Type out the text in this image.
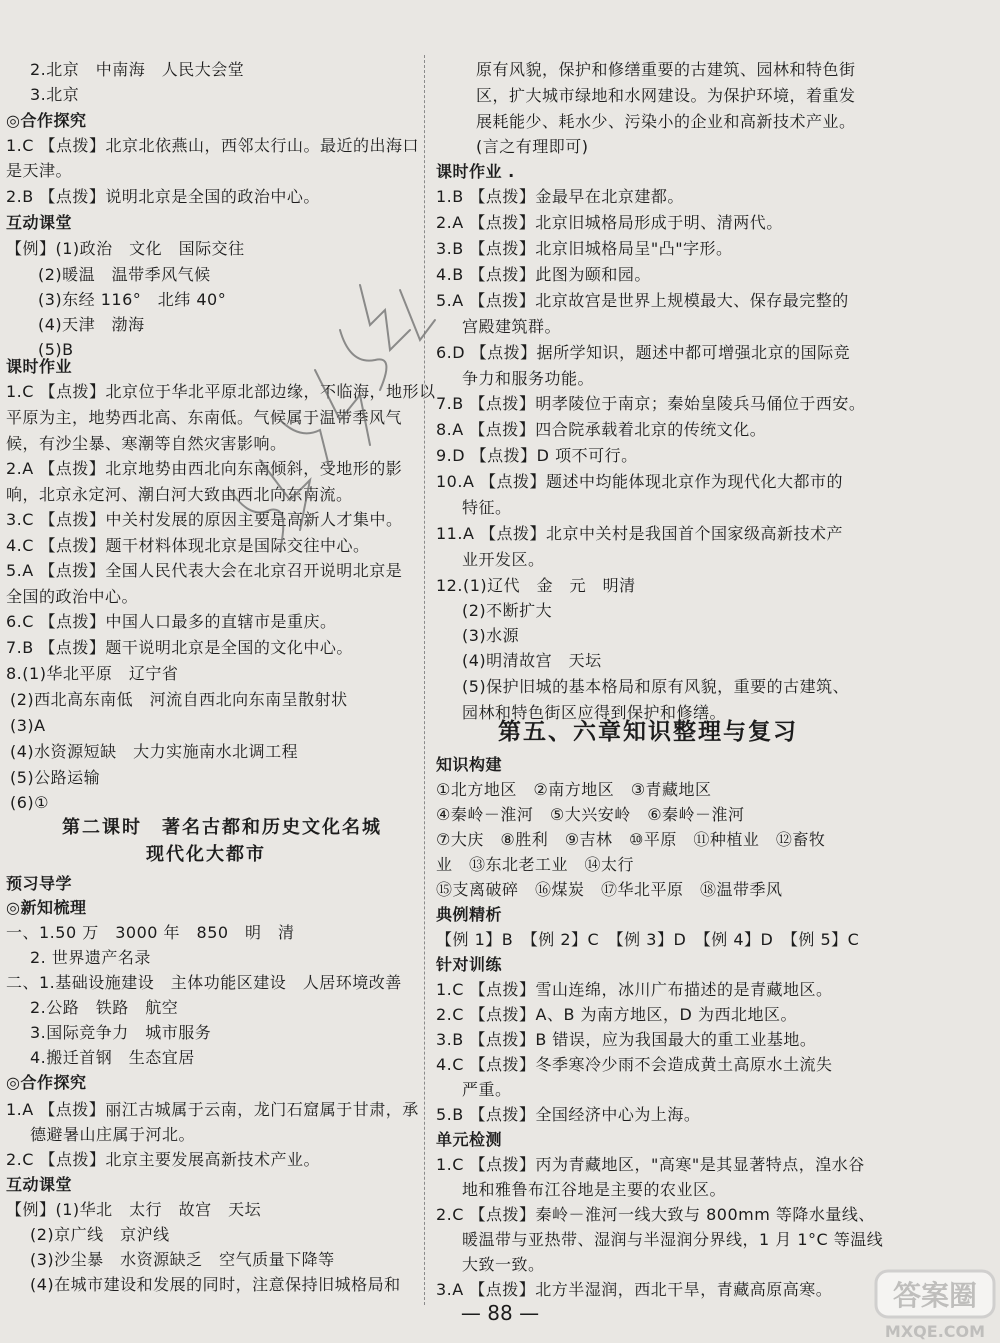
2.北京　中南海　人民大会堂
3.北京
◎合作探究
1.C 【点拨】北京北依燕山，西邻太行山。最近的出海口
是天津。
2.B 【点拨】说明北京是全国的政治中心。
互动课堂
【例】(1)政治　文化　国际交往
(2)暖温　温带季风气候
(3)东经 116°　北纬 40°
(4)天津　渤海
(5)B
课时作业
1.C 【点拨】北京位于华北平原北部边缘，不临海，地形以
平原为主，地势西北高、东南低。气候属于温带季风气
候，有沙尘暴、寒潮等自然灾害影响。
2.A 【点拨】北京地势由西北向东南倾斜，受地形的影
响，北京永定河、潮白河大致由西北向东南流。
3.C 【点拨】中关村发展的原因主要是高新人才集中。
4.C 【点拨】题干材料体现北京是国际交往中心。
5.A 【点拨】全国人民代表大会在北京召开说明北京是
全国的政治中心。
6.C 【点拨】中国人口最多的直辖市是重庆。
7.B 【点拨】题干说明北京是全国的文化中心。
8.(1)华北平原　辽宁省
(2)西北高东南低　河流自西北向东南呈散射状
(3)A
(4)水资源短缺　大力实施南水北调工程
(5)公路运输
(6)①
第二课时　著名古都和历史文化名城
现代化大都市
预习导学
◎新知梳理
一、1.50 万　3000 年　850　明　清
2. 世界遗产名录
二、1.基础设施建设　主体功能区建设　人居环境改善
2.公路　铁路　航空
3.国际竞争力　城市服务
4.搬迁首钢　生态宜居
◎合作探究
1.A 【点拨】丽江古城属于云南，龙门石窟属于甘肃，承
德避暑山庄属于河北。
2.C 【点拨】北京主要发展高新技术产业。
互动课堂
【例】(1)华北　太行　故宫　天坛
(2)京广线　京沪线
(3)沙尘暴　水资源缺乏　空气质量下降等
(4)在城市建设和发展的同时，注意保持旧城格局和
原有风貌，保护和修缮重要的古建筑、园林和特色街
区，扩大城市绿地和水网建设。为保护环境，着重发
展耗能少、耗水少、污染小的企业和高新技术产业。
(言之有理即可)
课时作业 .
1.B 【点拨】金最早在北京建都。
2.A 【点拨】北京旧城格局形成于明、清两代。
3.B 【点拨】北京旧城格局呈"凸"字形。
4.B 【点拨】此图为颐和园。
5.A 【点拨】北京故宫是世界上规模最大、保存最完整的
宫殿建筑群。
6.D 【点拨】据所学知识，题述中都可增强北京的国际竞
争力和服务功能。
7.B 【点拨】明孝陵位于南京；秦始皇陵兵马俑位于西安。
8.A 【点拨】四合院承载着北京的传统文化。
9.D 【点拨】D 项不可行。
10.A 【点拨】题述中均能体现北京作为现代化大都市的
特征。
11.A 【点拨】北京中关村是我国首个国家级高新技术产
业开发区。
12.(1)辽代　金　元　明清
(2)不断扩大
(3)水源
(4)明清故宫　天坛
(5)保护旧城的基本格局和原有风貌，重要的古建筑、
园林和特色街区应得到保护和修缮。
第五、六章知识整理与复习
知识构建
①北方地区　②南方地区　③青藏地区
④秦岭－淮河　⑤大兴安岭　⑥秦岭－淮河
⑦大庆　⑧胜利　⑨吉林　⑩平原　⑪种植业　⑫畜牧
业　⑬东北老工业　⑭太行
⑮支离破碎　⑯煤炭　⑰华北平原　⑱温带季风
典例精析
【例 1】B　【例 2】C　【例 3】D　【例 4】D　【例 5】C
针对训练
1.C 【点拨】雪山连绵，冰川广布描述的是青藏地区。
2.C 【点拨】A、B 为南方地区，D 为西北地区。
3.B 【点拨】B 错误，应为我国最大的重工业基地。
4.C 【点拨】冬季寒冷少雨不会造成黄土高原水土流失
严重。
5.B 【点拨】全国经济中心为上海。
单元检测
1.C 【点拨】丙为青藏地区，"高寒"是其显著特点，湟水谷
地和雅鲁布江谷地是主要的农业区。
2.C 【点拨】秦岭－淮河一线大致与 800mm 等降水量线、
暖温带与亚热带、湿润与半湿润分界线，1 月 1°C 等温线
大致一致。
3.A 【点拨】北方半湿润，西北干旱，青藏高原高寒。
— 88 —
答案圈
MXQE.COM
